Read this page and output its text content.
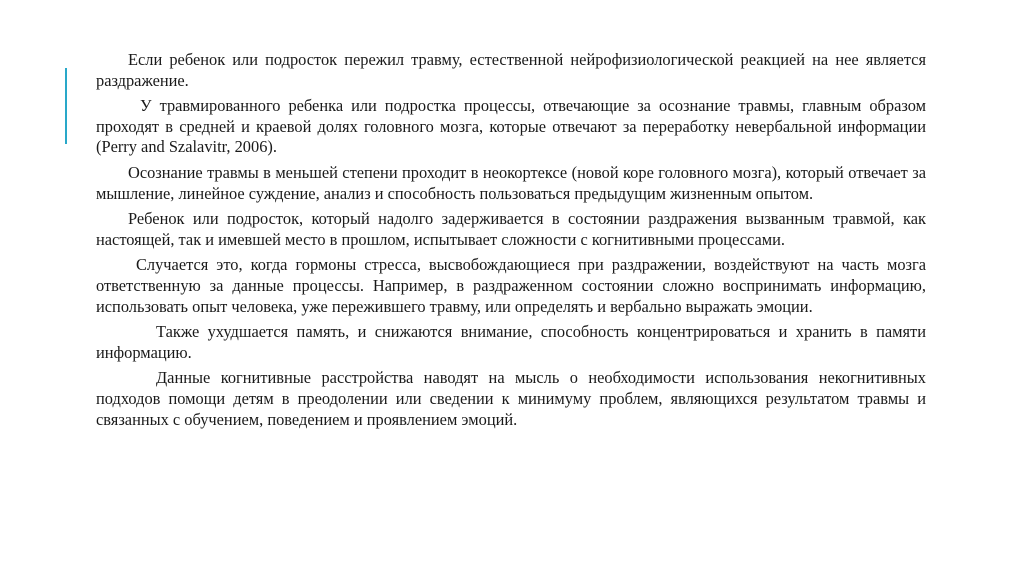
Если ребенок или подросток пережил травму, естественной нейрофизиологической реакцией на нее является раздражение.

У травмированного ребенка или подростка процессы, отвечающие за осознание травмы, главным образом проходят в средней и краевой долях головного мозга, которые отвечают за переработку невербальной информации (Perry and Szalavitr, 2006).

Осознание травмы в меньшей степени проходит в неокортексе (новой коре головного мозга), который отвечает за мышление, линейное суждение, анализ и способность пользоваться предыдущим жизненным опытом.

Ребенок или подросток, который надолго задерживается в состоянии раздражения вызванным травмой, как настоящей, так и имевшей место в прошлом, испытывает сложности с когнитивными процессами.

Случается это, когда гормоны стресса, высвобождающиеся при раздражении, воздействуют на часть мозга ответственную за данные процессы. Например, в раздраженном состоянии сложно воспринимать информацию, использовать опыт человека, уже пережившего травму, или определять и вербально выражать эмоции.

Также ухудшается память, и снижаются внимание, способность концентрироваться и хранить в памяти информацию.

Данные когнитивные расстройства наводят на мысль о необходимости использования некогнитивных подходов помощи детям в преодолении или сведении к минимуму проблем, являющихся результатом травмы и связанных с обучением, поведением и проявлением эмоций.
